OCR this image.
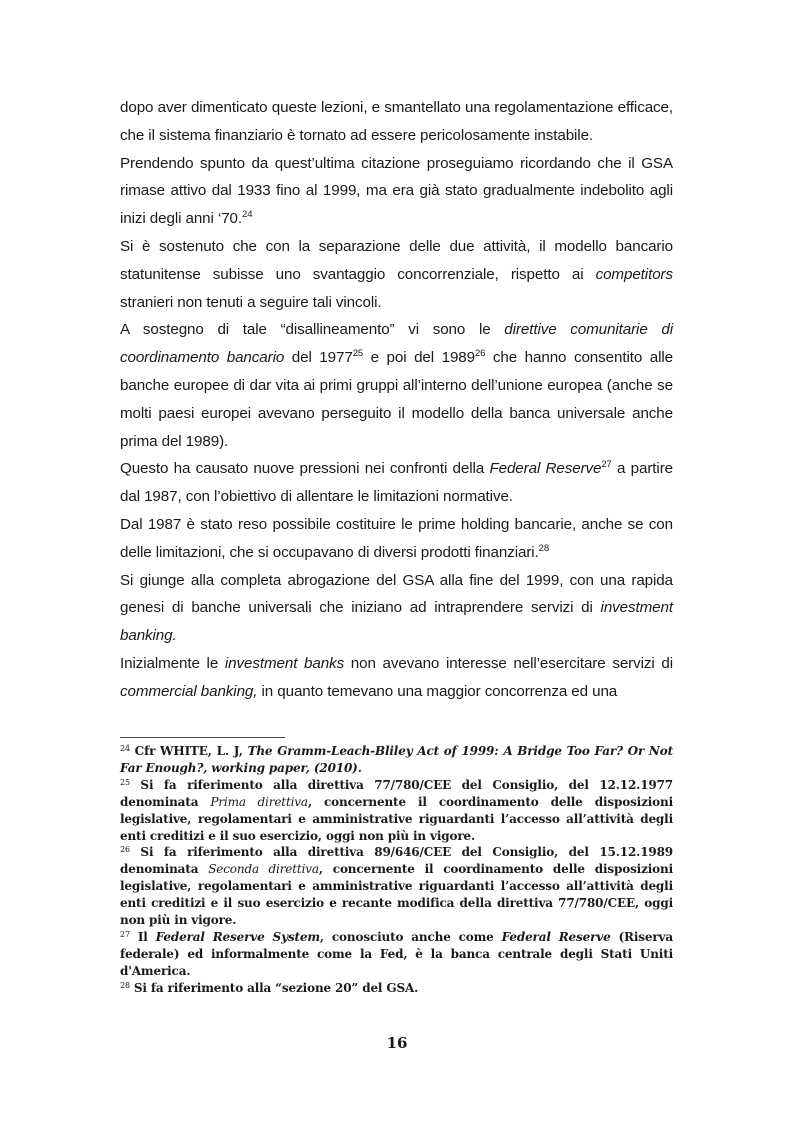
dopo aver dimenticato queste lezioni, e smantellato una regolamentazione efficace, che il sistema finanziario è tornato ad essere pericolosamente instabile.

Prendendo spunto da quest’ultima citazione proseguiamo ricordando che il GSA rimase attivo dal 1933 fino al 1999, ma era già stato gradualmente indebolito agli inizi degli anni ‘70.24

Si è sostenuto che con la separazione delle due attività, il modello bancario statunitense subisse uno svantaggio concorrenziale, rispetto ai competitors stranieri non tenuti a seguire tali vincoli.

A sostegno di tale “disallineamento” vi sono le direttive comunitarie di coordinamento bancario del 1977$^{25}$ e poi del 1989$^{26}$ che hanno consentito alle banche europee di dar vita ai primi gruppi all’interno dell’unione europea (anche se molti paesi europei avevano perseguito il modello della banca universale anche prima del 1989).

Questo ha causato nuove pressioni nei confronti della Federal Reserve$^{27}$ a partire dal 1987, con l’obiettivo di allentare le limitazioni normative.

Dal 1987 è stato reso possibile costituire le prime holding bancarie, anche se con delle limitazioni, che si occupavano di diversi prodotti finanziari.$^{28}$

Si giunge alla completa abrogazione del GSA alla fine del 1999, con una rapida genesi di banche universali che iniziano ad intraprendere servizi di investment banking.

Inizialmente le investment banks non avevano interesse nell’esercitare servizi di commercial banking, in quanto temevano una maggior concorrenza ed una

$^{24}$ Cfr WHITE, L. J, The Gramm-Leach-Bliley Act of 1999: A Bridge Too Far? Or Not Far Enough?, working paper, (2010).

$^{25}$ Si fa riferimento alla direttiva 77/780/CEE del Consiglio, del 12.12.1977 denominata Prima direttiva, concernente il coordinamento delle disposizioni legislative, regolamentari e amministrative riguardanti l’accesso all’attività degli enti creditizi e il suo esercizio, oggi non più in vigore.

$^{26}$ Si fa riferimento alla direttiva 89/646/CEE del Consiglio, del 15.12.1989 denominata Seconda direttiva, concernente il coordinamento delle disposizioni legislative, regolamentari e amministrative riguardanti l’accesso all’attività degli enti creditizi e il suo esercizio e recante modifica della direttiva 77/780/CEE, oggi non più in vigore.

$^{27}$ Il Federal Reserve System, conosciuto anche come Federal Reserve (Riserva federale) ed informalmente come la Fed, è la banca centrale degli Stati Uniti d'America.

$^{28}$ Si fa riferimento alla “sezione 20” del GSA.

16
